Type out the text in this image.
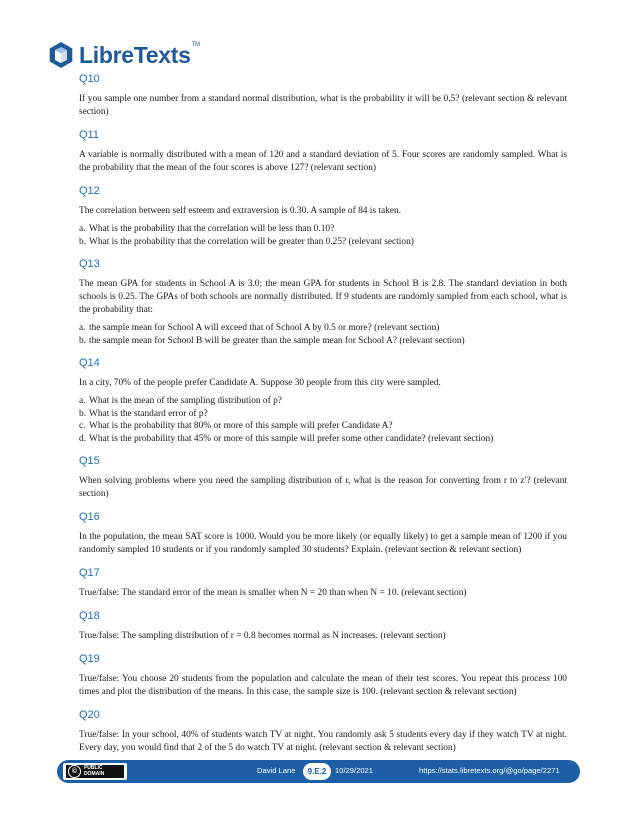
LibreTexts™
Q10

If you sample one number from a standard normal distribution, what is the probability it will be 0.5? (relevant section & relevant section)

Q11

A variable is normally distributed with a mean of 120 and a standard deviation of 5. Four scores are randomly sampled. What is the probability that the mean of the four scores is above 127? (relevant section)

Q12

The correlation between self esteem and extraversion is 0.30. A sample of 84 is taken.

a. What is the probability that the correlation will be less than 0.10?
b. What is the probability that the correlation will be greater than 0.25? (relevant section)
Q13

The mean GPA for students in School A is 3.0; the mean GPA for students in School B is 2.8. The standard deviation in both schools is 0.25. The GPAs of both schools are normally distributed. If 9 students are randomly sampled from each school, what is the probability that:

a. the sample mean for School A will exceed that of School A by 0.5 or more? (relevant section)
b. the sample mean for School B will be greater than the sample mean for School A? (relevant section)
Q14

In a city, 70% of the people prefer Candidate A. Suppose 30 people from this city were sampled.

a. What is the mean of the sampling distribution of p?
b. What is the standard error of p?
c. What is the probability that 80% or more of this sample will prefer Candidate A?
d. What is the probability that 45% or more of this sample will prefer some other candidate? (relevant section)
Q15

When solving problems where you need the sampling distribution of r, what is the reason for converting from r to z′? (relevant section)

Q16

In the population, the mean SAT score is 1000. Would you be more likely (or equally likely) to get a sample mean of 1200 if you randomly sampled 10 students or if you randomly sampled 30 students? Explain. (relevant section & relevant section)

Q17

True/false: The standard error of the mean is smaller when N = 20 than when N = 10. (relevant section)

Q18

True/false: The sampling distribution of r = 0.8 becomes normal as N increases. (relevant section)

Q19

True/false: You choose 20 students from the population and calculate the mean of their test scores. You repeat this process 100 times and plot the distribution of the means. In this case, the sample size is 100. (relevant section & relevant section)

Q20

True/false: In your school, 40% of students watch TV at night. You randomly ask 5 students every day if they watch TV at night. Every day, you would find that 2 of the 5 do watch TV at night. (relevant section & relevant section)

©	PUBLIC DOMAIN	David Lane	9.E.2	10/29/2021	https://stats.libretexts.org/@go/page/2271
